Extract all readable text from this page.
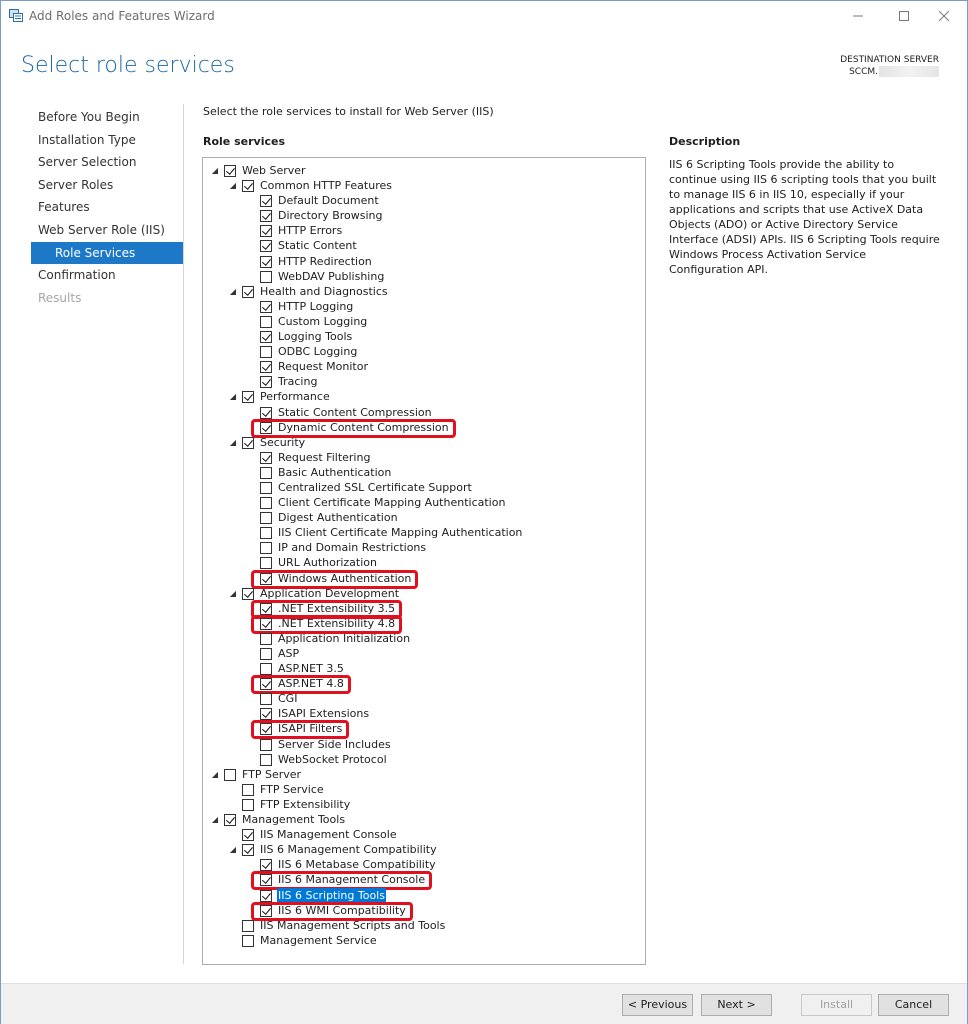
Add Roles and Features Wizard
Select role services	DESTINATION SERVER
SCCM.
Before You Begin
Installation Type
Server Selection
Server Roles
Features
Web Server Role (IIS)
Role Services
Confirmation
Results
Select the role services to install for Web Server (IIS)
Role services	Description
◢ Web Server
◢ Common HTTP Features
Default Document
Directory Browsing
HTTP Errors
Static Content
HTTP Redirection
WebDAV Publishing
◢ Health and Diagnostics
HTTP Logging
Custom Logging
Logging Tools
ODBC Logging
Request Monitor
Tracing
◢ Performance
Static Content Compression
Dynamic Content Compression
◢ Security
Request Filtering
Basic Authentication
Centralized SSL Certificate Support
Client Certificate Mapping Authentication
Digest Authentication
IIS Client Certificate Mapping Authentication
IP and Domain Restrictions
URL Authorization
Windows Authentication
◢ Application Development
.NET Extensibility 3.5
.NET Extensibility 4.8
Application Initialization
ASP
ASP.NET 3.5
ASP.NET 4.8
CGI
ISAPI Extensions
ISAPI Filters
Server Side Includes
WebSocket Protocol
◢ FTP Server
FTP Service
FTP Extensibility
◢ Management Tools
IIS Management Console
◢ IIS 6 Management Compatibility
IIS 6 Metabase Compatibility
IIS 6 Management Console
IIS 6 Scripting Tools
IIS 6 WMI Compatibility
IIS Management Scripts and Tools
Management Service
IIS 6 Scripting Tools provide the ability to continue using IIS 6 scripting tools that you built to manage IIS 6 in IIS 10, especially if your applications and scripts that use ActiveX Data Objects (ADO) or Active Directory Service Interface (ADSI) APIs. IIS 6 Scripting Tools require Windows Process Activation Service Configuration API.
< Previous	Next >	Install	Cancel
